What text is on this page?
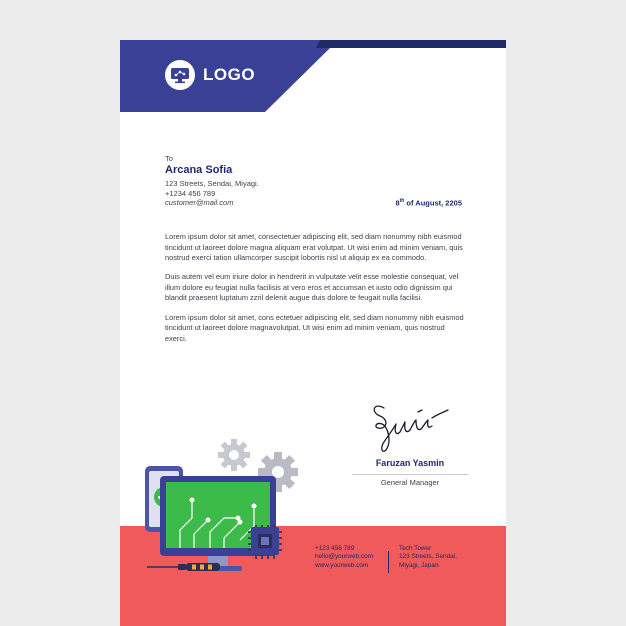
LOGO
To
Arcana Sofia
123 Streets, Sendai, Miyagi.
+1234 456 789
customer@mail.com	8th of August, 2205

Lorem ipsum dolor sit amet, consectetuer adipiscing elit, sed diam nonummy nibh euismod tincidunt ut laoreet dolore magna aliquam erat volutpat. Ut wisi enim ad minim veniam, quis nostrud exerci tation ullamcorper suscipit lobortis nisl ut aliquip ex ea commodo.

Duis autem vel eum iriure dolor in hendrerit in vulputate velit esse molestie consequat, vel illum dolore eu feugiat nulla facilisis at vero eros et accumsan et iusto odio dignissim qui blandit praesent luptatum zzril delenit augue duis dolore te feugait nulla facilisi.

Lorem ipsum dolor sit amet, cons ectetuer adipiscing elit, sed diam nonummy nibh euismod tincidunt ut laoreet dolore magnavolutpat. Ut wisi enim ad minim veniam, quis nostrud exerci.

Faruzan Yasmin
General Manager
+123 456 789
hello@yourweb.com
www.yourweb.com
Tech Tower
123 Streets, Sendai,
Miyagi, Japan.
